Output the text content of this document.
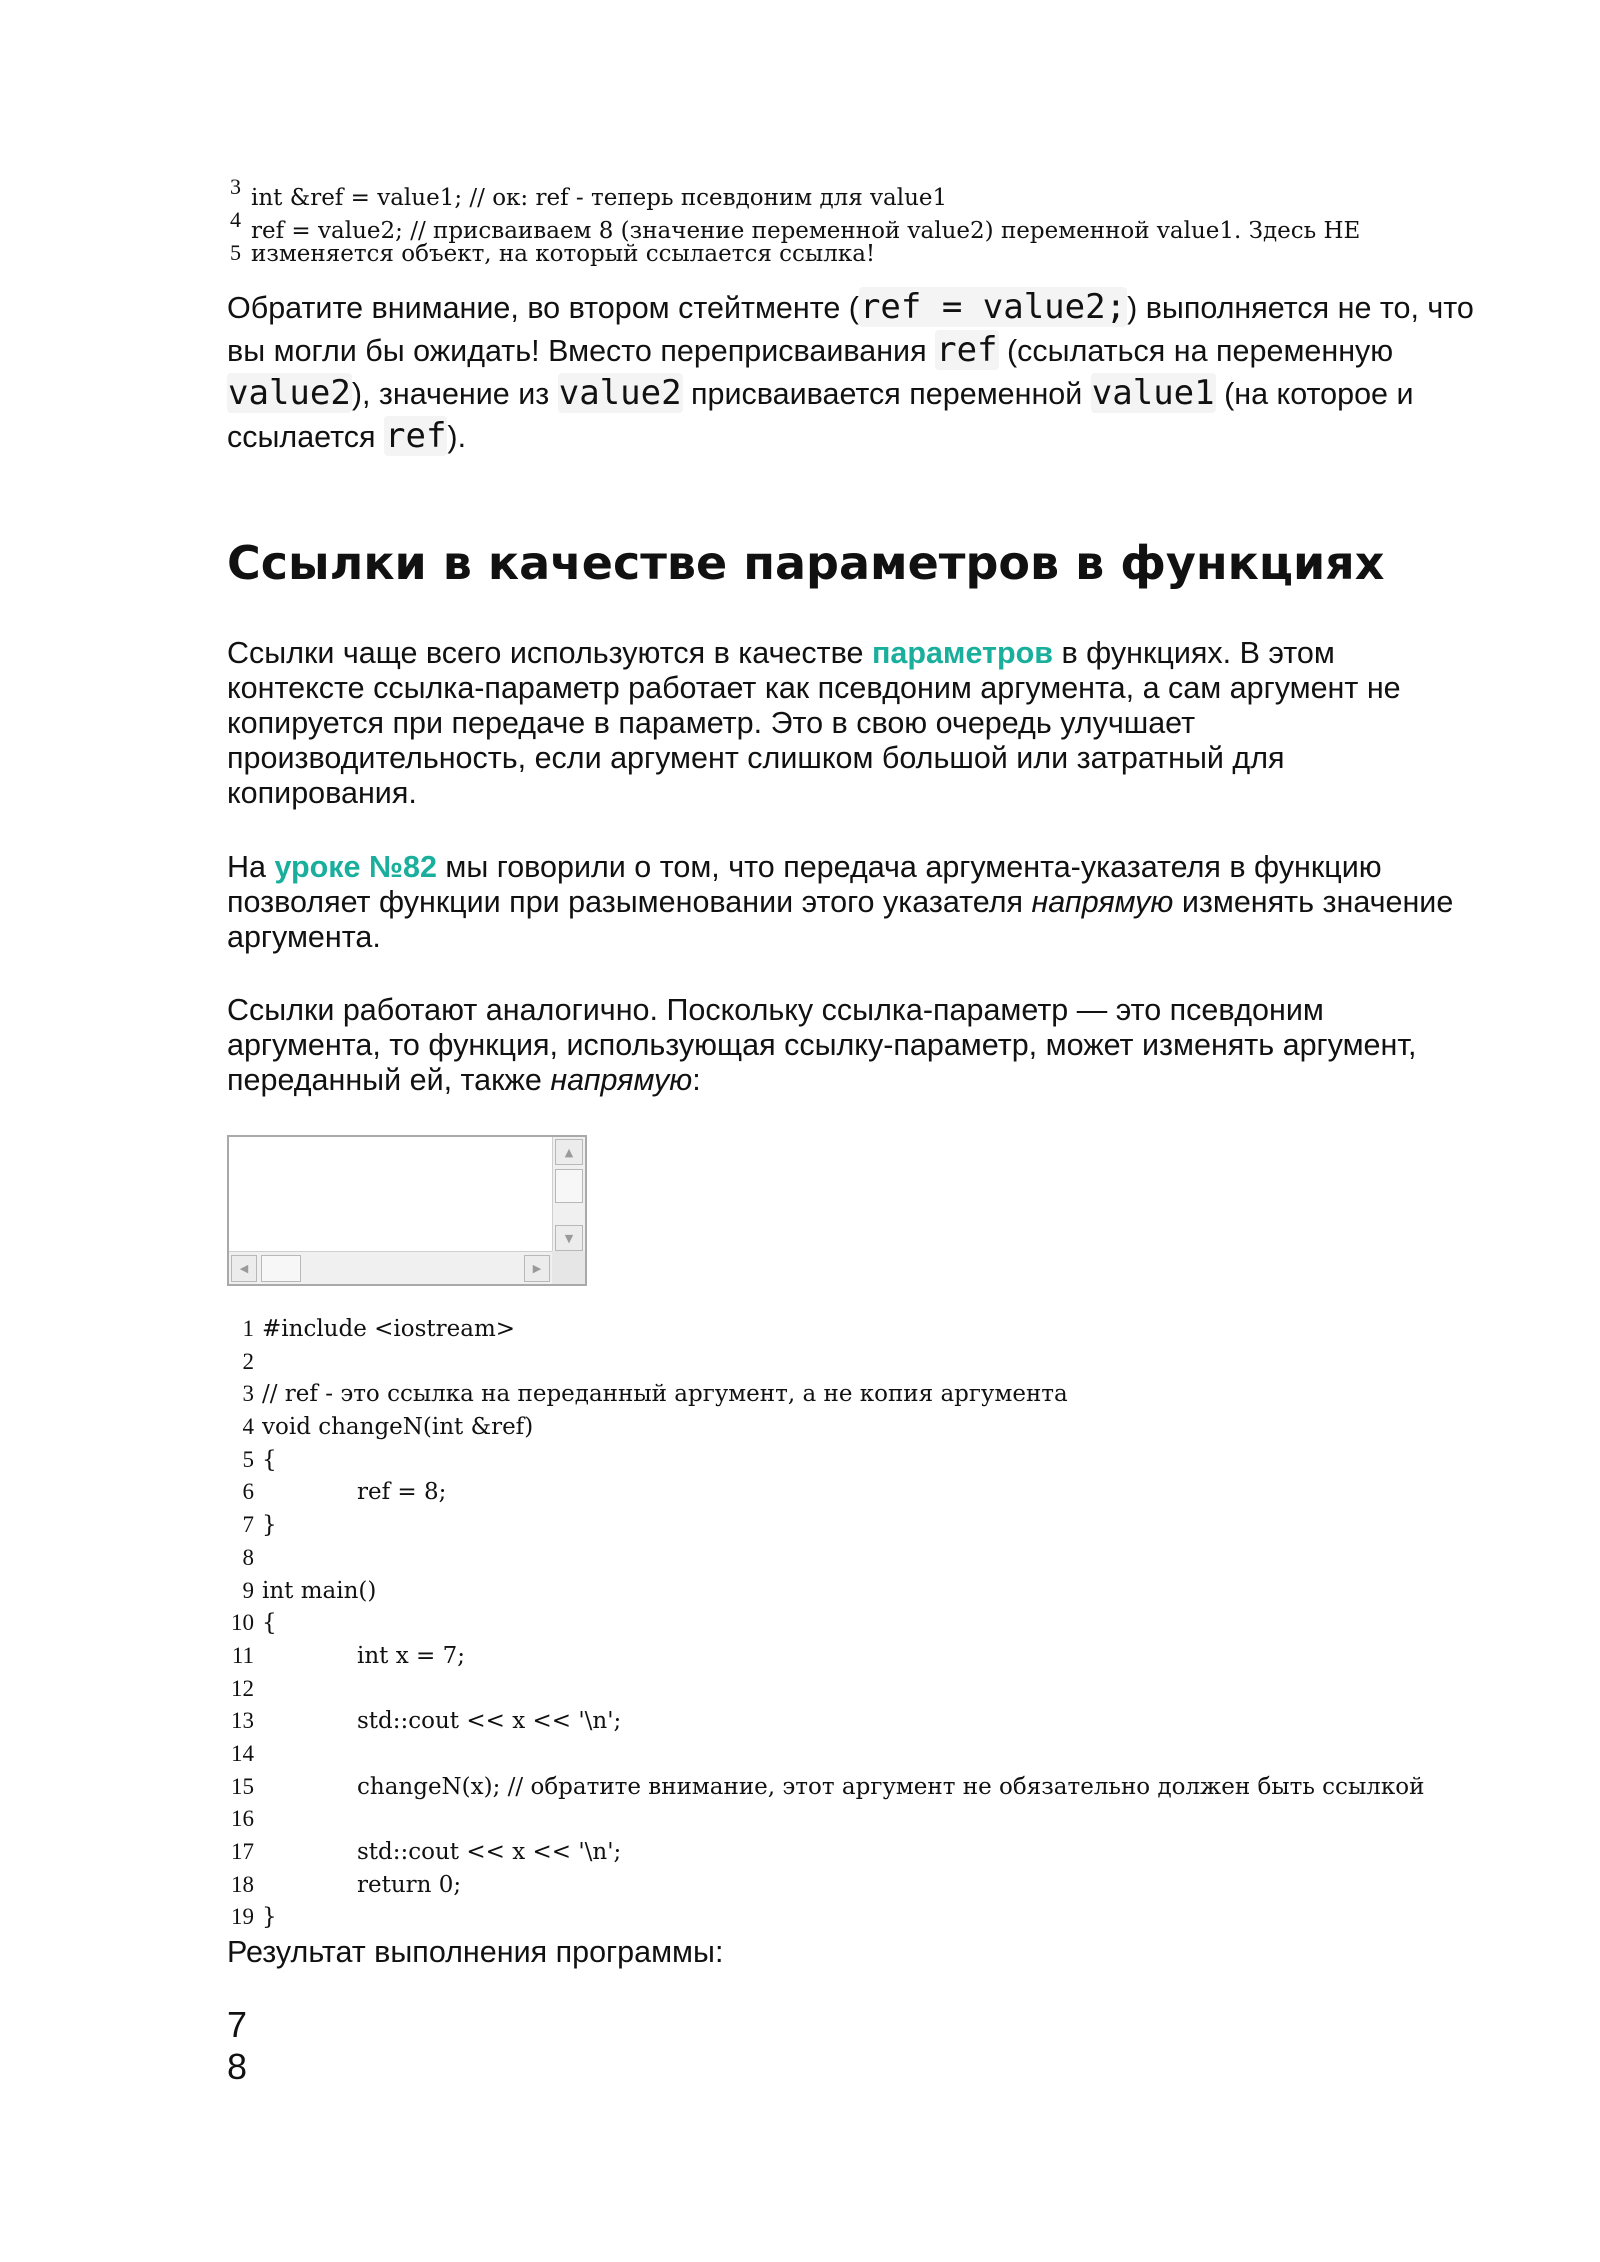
3 int &ref = value1; // ок: ref - теперь псевдоним для value1
4 ref = value2; // присваиваем 8 (значение переменной value2) переменной value1. Здесь НЕ
5 изменяется объект, на который ссылается ссылка!

Обратите внимание, во втором стейтменте (ref = value2;) выполняется не то, что вы могли бы ожидать! Вместо переприсваивания ref (ссылаться на переменную value2), значение из value2 присваивается переменной value1 (на которое и ссылается ref).

Ссылки в качестве параметров в функциях

Ссылки чаще всего используются в качестве параметров в функциях. В этом контексте ссылка-параметр работает как псевдоним аргумента, а сам аргумент не копируется при передаче в параметр. Это в свою очередь улучшает производительность, если аргумент слишком большой или затратный для копирования.

На уроке №82 мы говорили о том, что передача аргумента-указателя в функцию позволяет функции при разыменовании этого указателя напрямую изменять значение аргумента.

Ссылки работают аналогично. Поскольку ссылка-параметр — это псевдоним аргумента, то функция, использующая ссылку-параметр, может изменять аргумент, переданный ей, также напрямую:

▲
▼
◀	▶
1 #include <iostream>
2
3 // ref - это ссылка на переданный аргумент, а не копия аргумента
4 void changeN(int &ref)
5 {
6	ref = 8;
7 }
8
9 int main()
10 {
11	int x = 7;
12
13	std::cout << x << '\n';
14
15	changeN(x); // обратите внимание, этот аргумент не обязательно должен быть ссылкой
16
17	std::cout << x << '\n';
18	return 0;
19 }

Результат выполнения программы:

7
8
